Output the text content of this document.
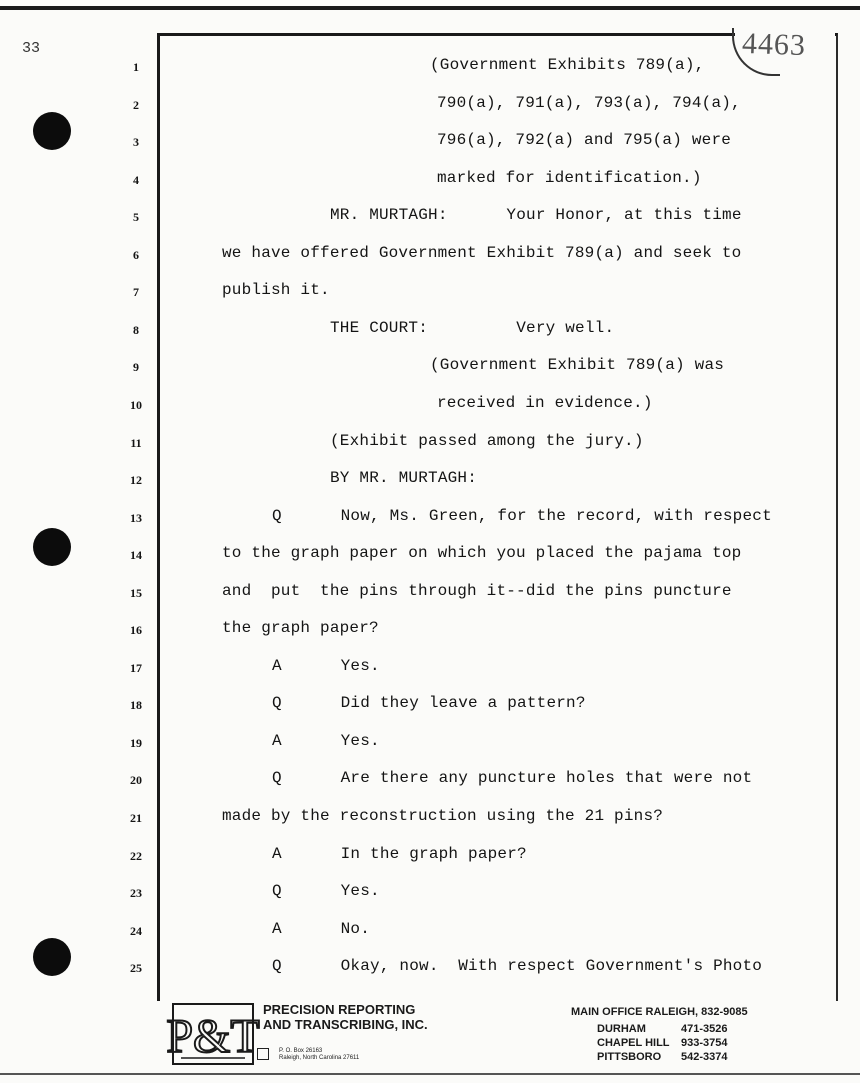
33	4463
1	(Government Exhibits 789(a),
2	790(a), 791(a), 793(a), 794(a),
3	796(a), 792(a) and 795(a) were
4	marked for identification.)
5	MR. MURTAGH:      Your Honor, at this time
6	we have offered Government Exhibit 789(a) and seek to
7	publish it.
8	THE COURT:         Very well.
9	(Government Exhibit 789(a) was
10	received in evidence.)
11	(Exhibit passed among the jury.)
12	BY MR. MURTAGH:
13	Q      Now, Ms. Green, for the record, with respect
14	to the graph paper on which you placed the pajama top
15	and  put  the pins through it--did the pins puncture
16	the graph paper?
17	A      Yes.
18	Q      Did they leave a pattern?
19	A      Yes.
20	Q      Are there any puncture holes that were not
21	made by the reconstruction using the 21 pins?
22	A      In the graph paper?
23	Q      Yes.
24	A      No.
25	Q      Okay, now.  With respect Government's Photo
P&T
PRECISION REPORTING
AND TRANSCRIBING, INC.
P. O. Box 26163
Raleigh, North Carolina 27611
MAIN OFFICE RALEIGH, 832-9085
DURHAM	471-3526
CHAPEL HILL	933-3754
PITTSBORO	542-3374
